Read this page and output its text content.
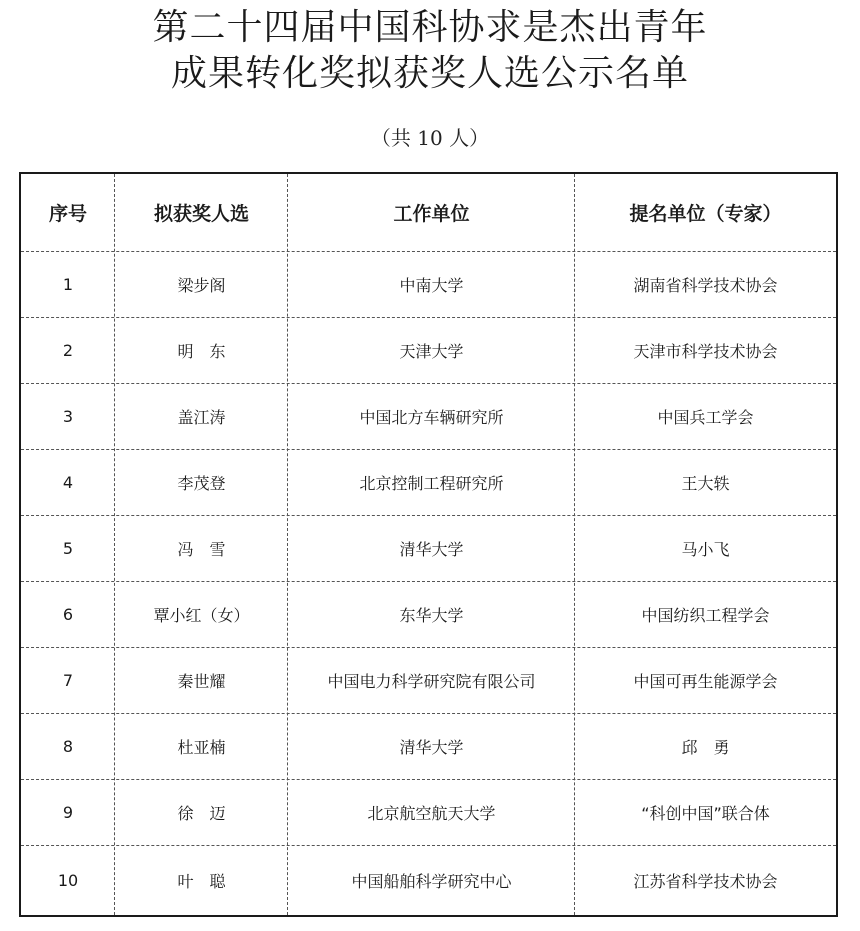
第二十四届中国科协求是杰出青年
成果转化奖拟获奖人选公示名单
（共 10 人）
序号	拟获奖人选	工作单位	提名单位（专家）
1	梁步阁	中南大学	湖南省科学技术协会
2	明　东	天津大学	天津市科学技术协会
3	盖江涛	中国北方车辆研究所	中国兵工学会
4	李茂登	北京控制工程研究所	王大轶
5	冯　雪	清华大学	马小飞
6	覃小红（女）	东华大学	中国纺织工程学会
7	秦世耀	中国电力科学研究院有限公司	中国可再生能源学会
8	杜亚楠	清华大学	邱　勇
9	徐　迈	北京航空航天大学	“科创中国”联合体
10	叶　聪	中国船舶科学研究中心	江苏省科学技术协会
